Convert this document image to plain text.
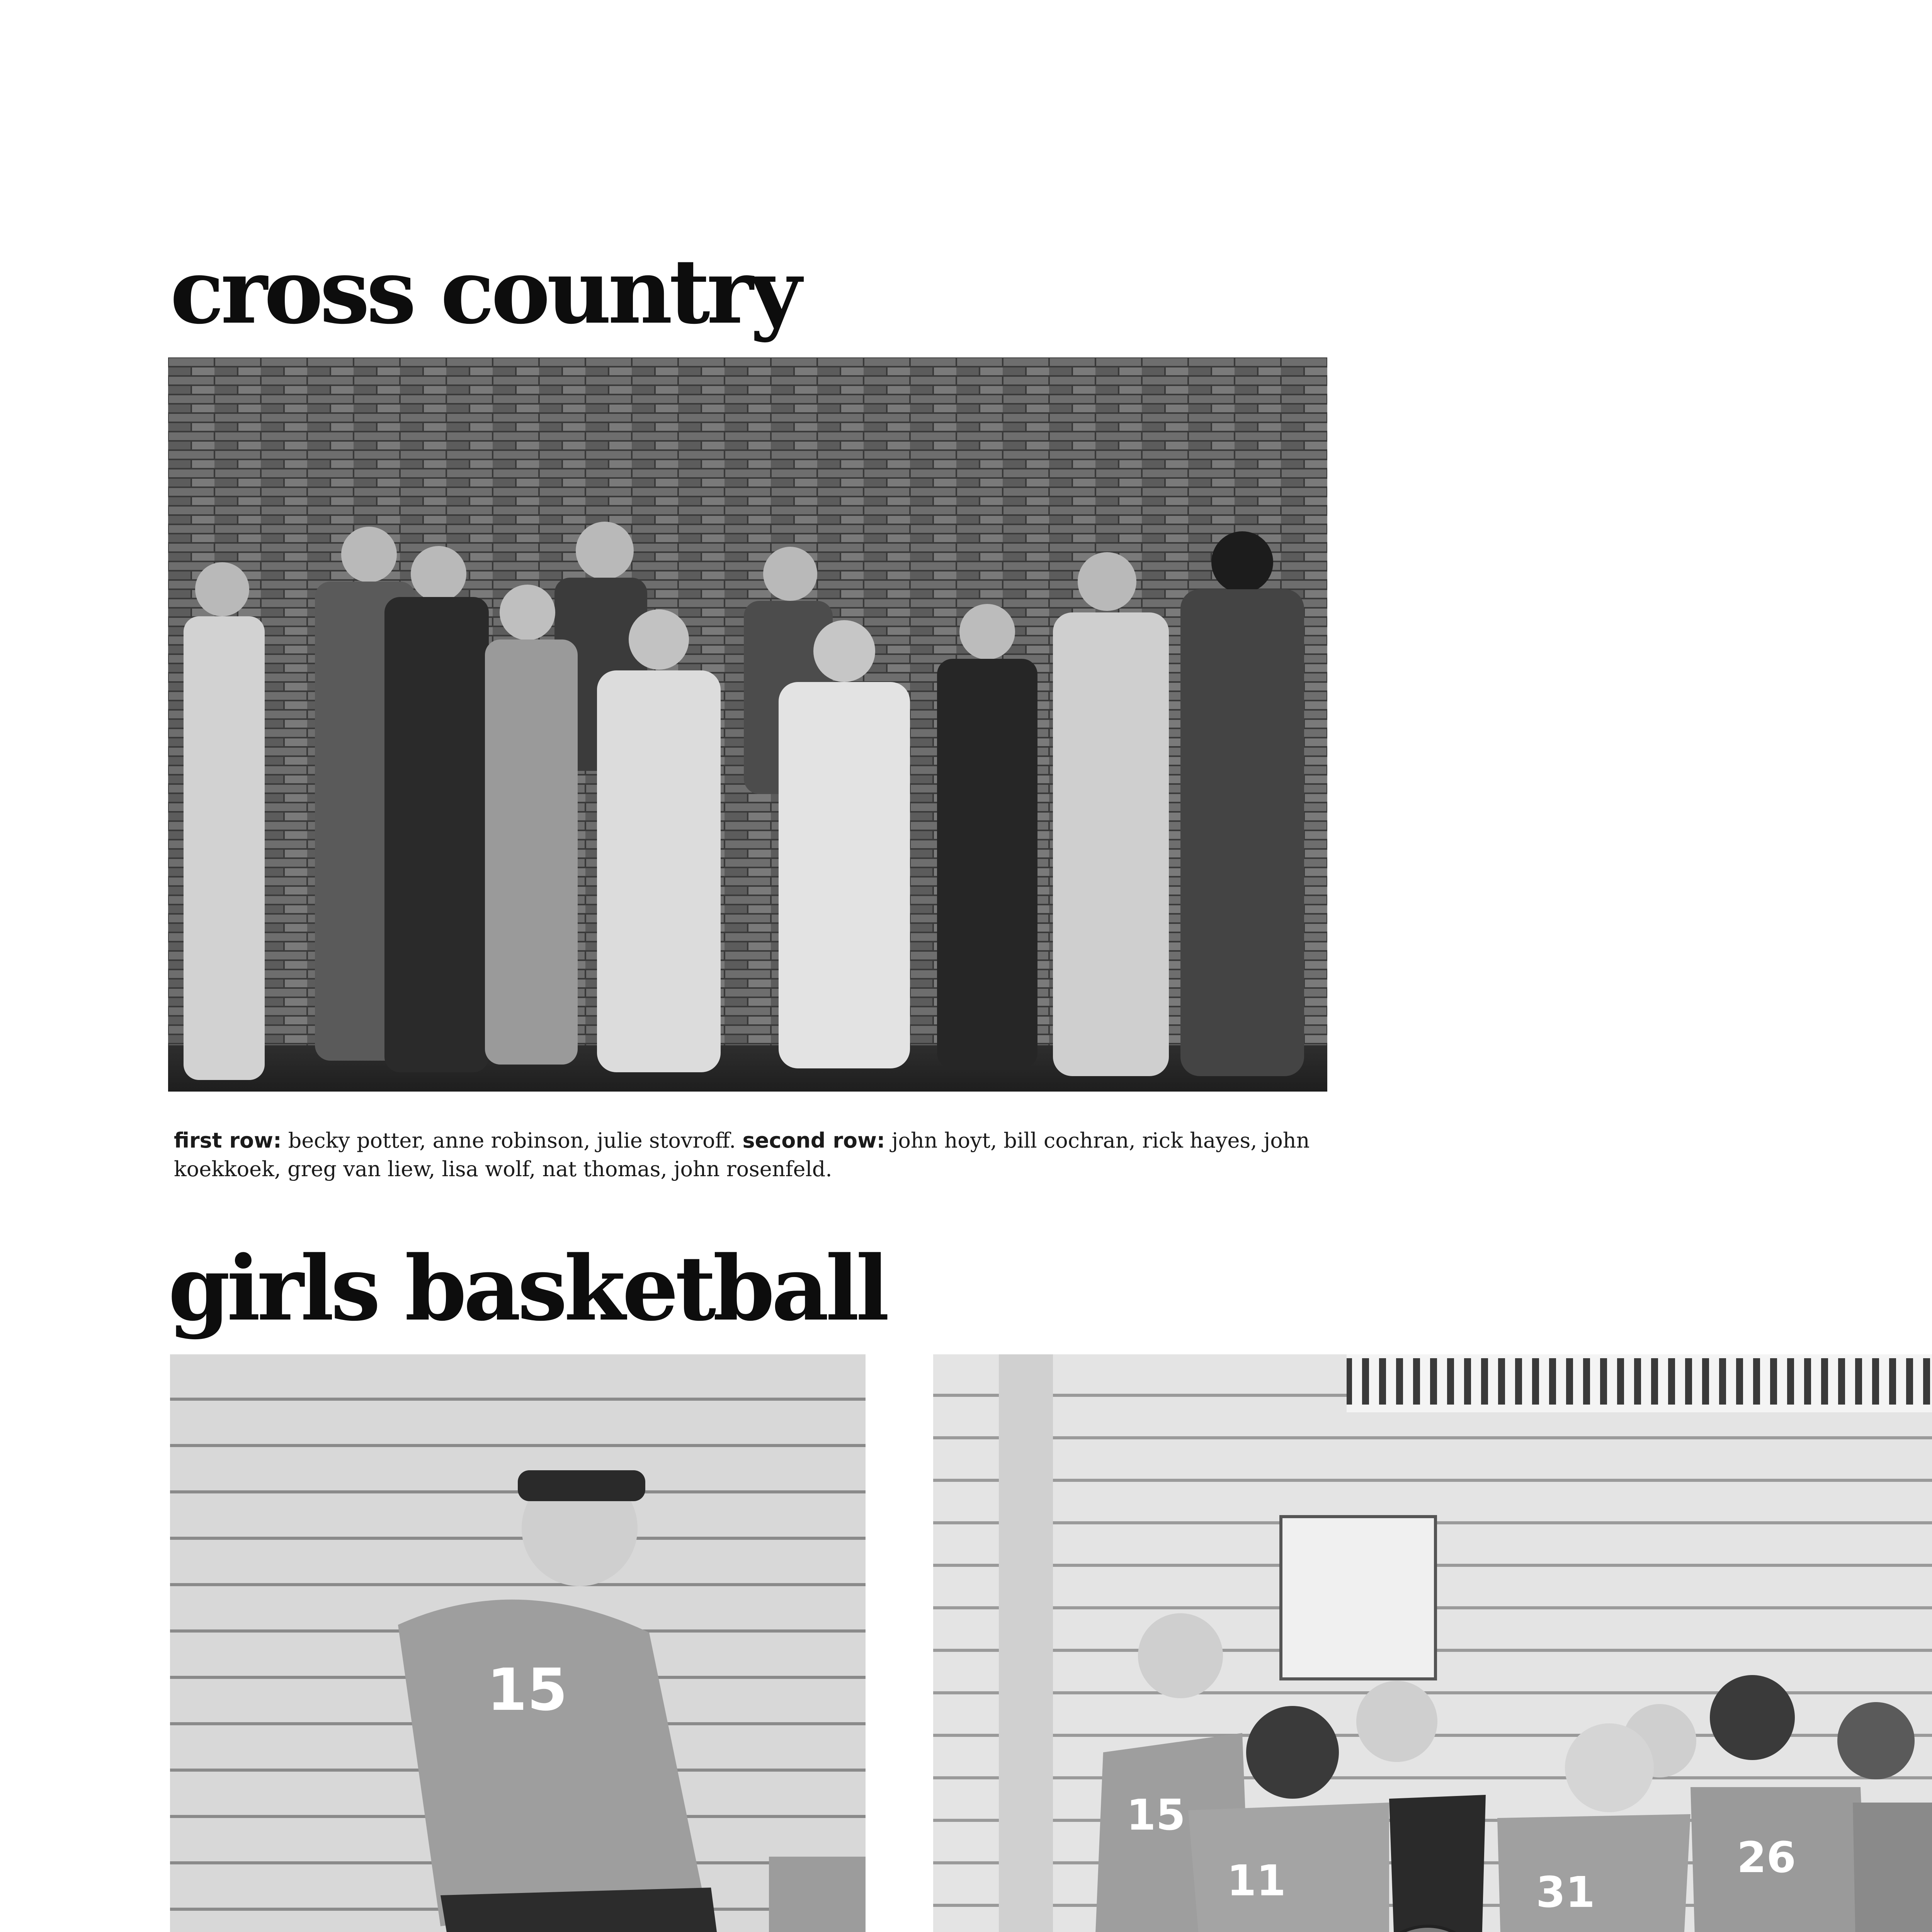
cross country

first row: becky potter, anne robinson, julie stovroff. second row: john hoyt, bill cochran, rick hayes, john koekkoek, greg van liew, lisa wolf, nat thomas, john rosenfeld.

girls basketball
15
15
11	31
26
